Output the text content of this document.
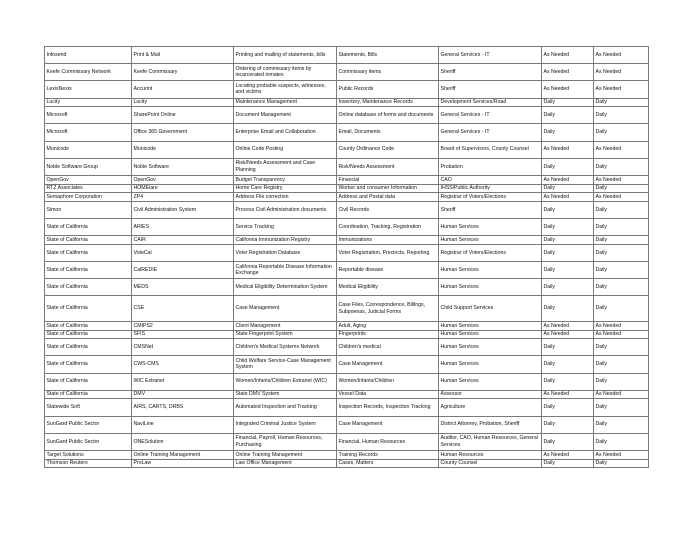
Infosend	Print & Mail	Printing and mailing of statements, bills	Statements, Bills	General Services - IT	As Needed	As Needed
Keefe Commissary Network	Keefe Commissary	Ordering of commissary items by incarcerated inmates	Commissary items	Sheriff	As Needed	As Needed
LexisNexis	Accurint	Locating probable suspects, witnesses, and victims	Public Records	Sheriff	As Needed	As Needed
Lucity	Lucity	Maintenance Management	Inventory, Maintenance Records	Development Services/Road	Daily	Daily
Microsoft	SharePoint Online	Document Management	Online database of forms and documents	General Services - IT	Daily	Daily
Microsoft	Office 365 Government	Enterprise Email and Collaboration	Email, Documents	General Services - IT	Daily	Daily
Municode	Municode	Online Code Posting	County Ordinance Code	Board of Supervisors, County Counsel	As Needed	As Needed
Noble Software Group	Noble Software	Risk/Needs Assessment and Case Planning	Risk/Needs Assessment	Probation	Daily	Daily
OpenGov	OpenGov	Budget Transparency	Financial	CAO	As Needed	As Needed
RTZ Associates	HOMEiare	Home Care Registry	Worker and consumer Information	IHSS/Public Authority	Daily	Daily
Semaphore Corporation	ZP4	Address File correction	Address and Postal data	Registrar of Voters/Elections	As Needed	As Needed
Simon	Civil Administration System	Process Civil Administration documents	Civil Records	Sheriff	Daily	Daily
State of California	ARIES	Service Tracking	Coordination, Tracking, Registration	Human Services	Daily	Daily
State of California	CAIR	California Immunization Registry	Immunizations	Human Services	Daily	Daily
State of California	VoteCal	Voter Registration Database	Voter Registration, Precincts, Reporting	Registrar of Voters/Elections	Daily	Daily
State of California	CalREDIE	California Reportable Disease Information Exchange	Reportable disease	Human Services	Daily	Daily
State of California	MEDS	Medical Eligibility Determination System	Medical Eligibility	Human Services	Daily	Daily
State of California	CSE	Case Management	Case Files, Correspondence, Billings, Subpoenas, Judicial Forms	Child Support Services	Daily	Daily
State of California	CMIPS2	Client Management	Adult, Aging	Human Services	As Needed	As Needed
State of California	SFIS	State Fingerprint System	Fingerprints	Human Services	As Needed	As Needed
State of California	CMSNet	Children's Medical Systems Network	Children's medical	Human Services	Daily	Daily
State of California	CWS-CMS	Child Welfare Service-Case Management System	Case Management	Human Services	Daily	Daily
State of California	WIC Extranet	Women/Infants/Children Extranet (WIC)	Women/Infants/Children	Human Services	Daily	Daily
State of California	DMV	State DMV System	Vessel Data	Assessor	As Needed	As Needed
Statewide Soft	AIRS, CARTS, DRBS	Automated Inspection and Tracking	Inspection Records, Inspection Tracking	Agriculture	Daily	Daily
SunGard Public Sector	NaviLine	Integrated Criminal Justice System	Case Management	District Attorney, Probation, Sheriff	Daily	Daily
SunGard Public Sector	ONESolution	Financial, Payroll, Human Resources, Purchasing	Financial, Human Resources	Auditor, CAO, Human Resources, General Services	Daily	Daily
Target Solutions	Online Training Management	Online Training Management	Training Records	Human Resources	As Needed	As Needed
Thomson Reuters	ProLaw	Law Office Management	Cases, Matters	County Counsel	Daily	Daily
